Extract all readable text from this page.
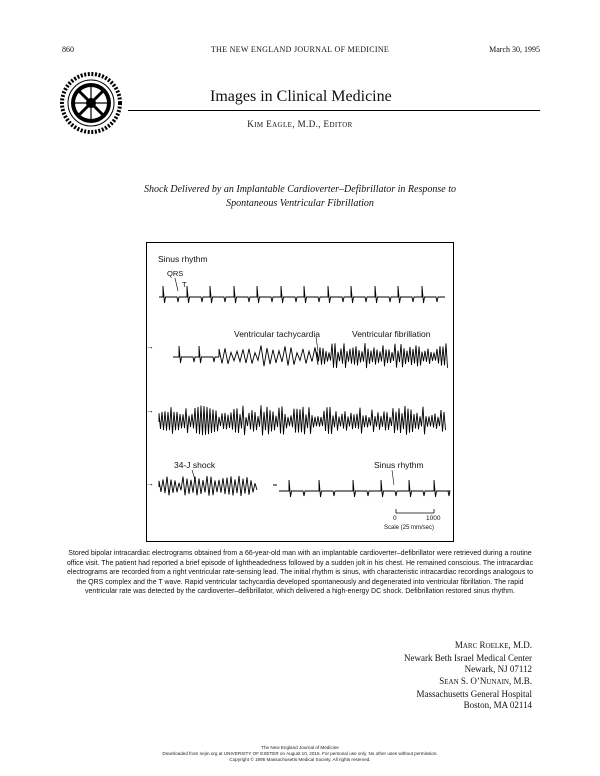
860	THE NEW ENGLAND JOURNAL OF MEDICINE	March 30, 1995
Images in Clinical Medicine
KIM EAGLE, M.D., EDITOR
Shock Delivered by an Implantable Cardioverter–Defibrillator in Response to
Spontaneous Ventricular Fibrillation
Sinus rhythm
QRS
T
Ventricular tachycardia	Ventricular fibrillation
34-J shock	Sinus rhythm
→
→
→
0	1000
Scale (25 mm/sec)
Stored bipolar intracardiac electrograms obtained from a 66-year-old man with an implantable cardioverter–defibrillator were retrieved during a routine office visit. The patient had reported a brief episode of lightheadedness followed by a sudden jolt in his chest. He remained conscious. The intracardiac electrograms are recorded from a right ventricular rate-sensing lead. The initial rhythm is sinus, with characteristic intracardiac recordings analogous to the QRS complex and the T wave. Rapid ventricular tachycardia developed spontaneously and degenerated into ventricular fibrillation. The rapid ventricular rate was detected by the cardioverter–defibrillator, which delivered a high-energy DC shock. Defibrillation restored sinus rhythm.
MARC ROELKE, M.D.
Newark Beth Israel Medical Center
Newark, NJ 07112
SEAN S. O’NUNAIN, M.B.
Massachusetts General Hospital
Boston, MA 02114
The New England Journal of Medicine
Downloaded from nejm.org at UNIVERSITY OF EXETER on August 10, 2015. For personal use only. No other uses without permission.
Copyright © 1995 Massachusetts Medical Society. All rights reserved.
